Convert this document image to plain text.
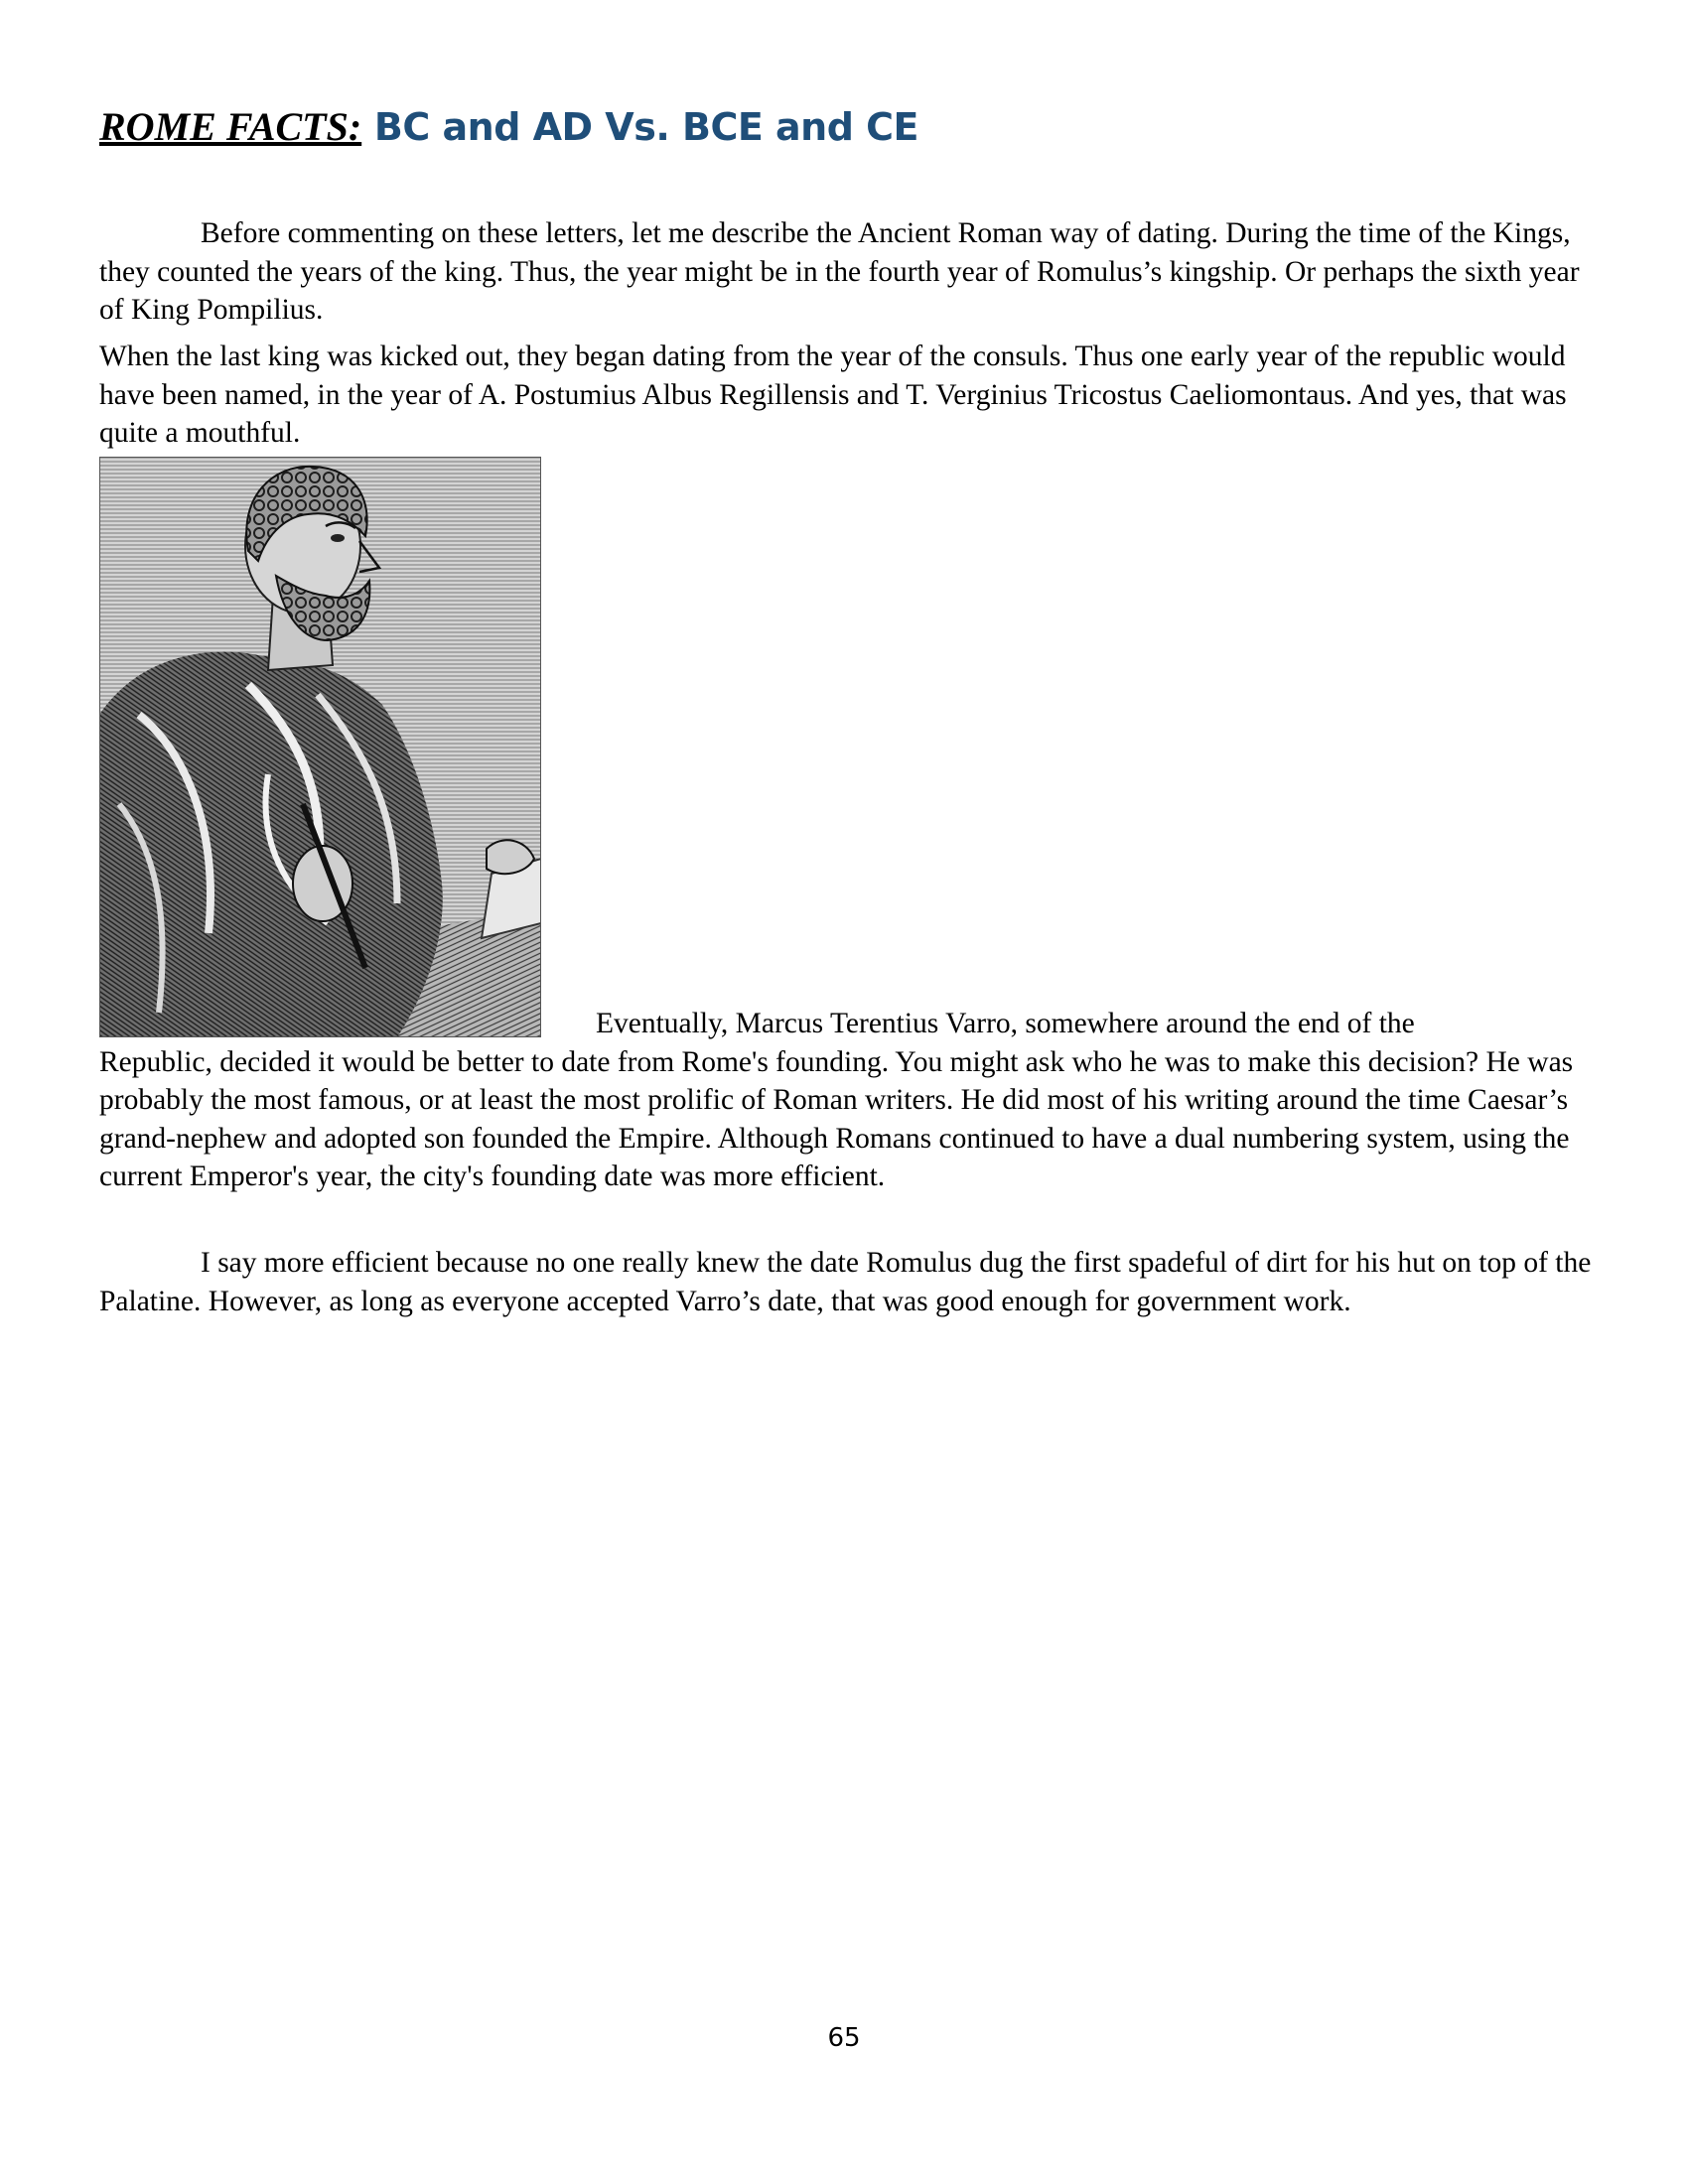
ROME FACTS: BC and AD Vs. BCE and CE

Before commenting on these letters, let me describe the Ancient Roman way of dating. During the time of the Kings, they counted the years of the king. Thus, the year might be in the fourth year of Romulus’s kingship. Or perhaps the sixth year of King Pompilius.

When the last king was kicked out, they began dating from the year of the consuls. Thus one early year of the republic would have been named, in the year of A. Postumius Albus Regillensis and T. Verginius Tricostus Caeliomontaus. And yes, that was quite a mouthful.

Eventually, Marcus Terentius Varro, somewhere around the end of the
Republic, decided it would be better to date from Rome's founding. You might ask who he was to make this decision? He was probably the most famous, or at least the most prolific of Roman writers. He did most of his writing around the time Caesar’s grand-nephew and adopted son founded the Empire. Although Romans continued to have a dual numbering system, using the current Emperor's year, the city's founding date was more efficient.

I say more efficient because no one really knew the date Romulus dug the first spadeful of dirt for his hut on top of the Palatine. However, as long as everyone accepted Varro’s date, that was good enough for government work.

65
